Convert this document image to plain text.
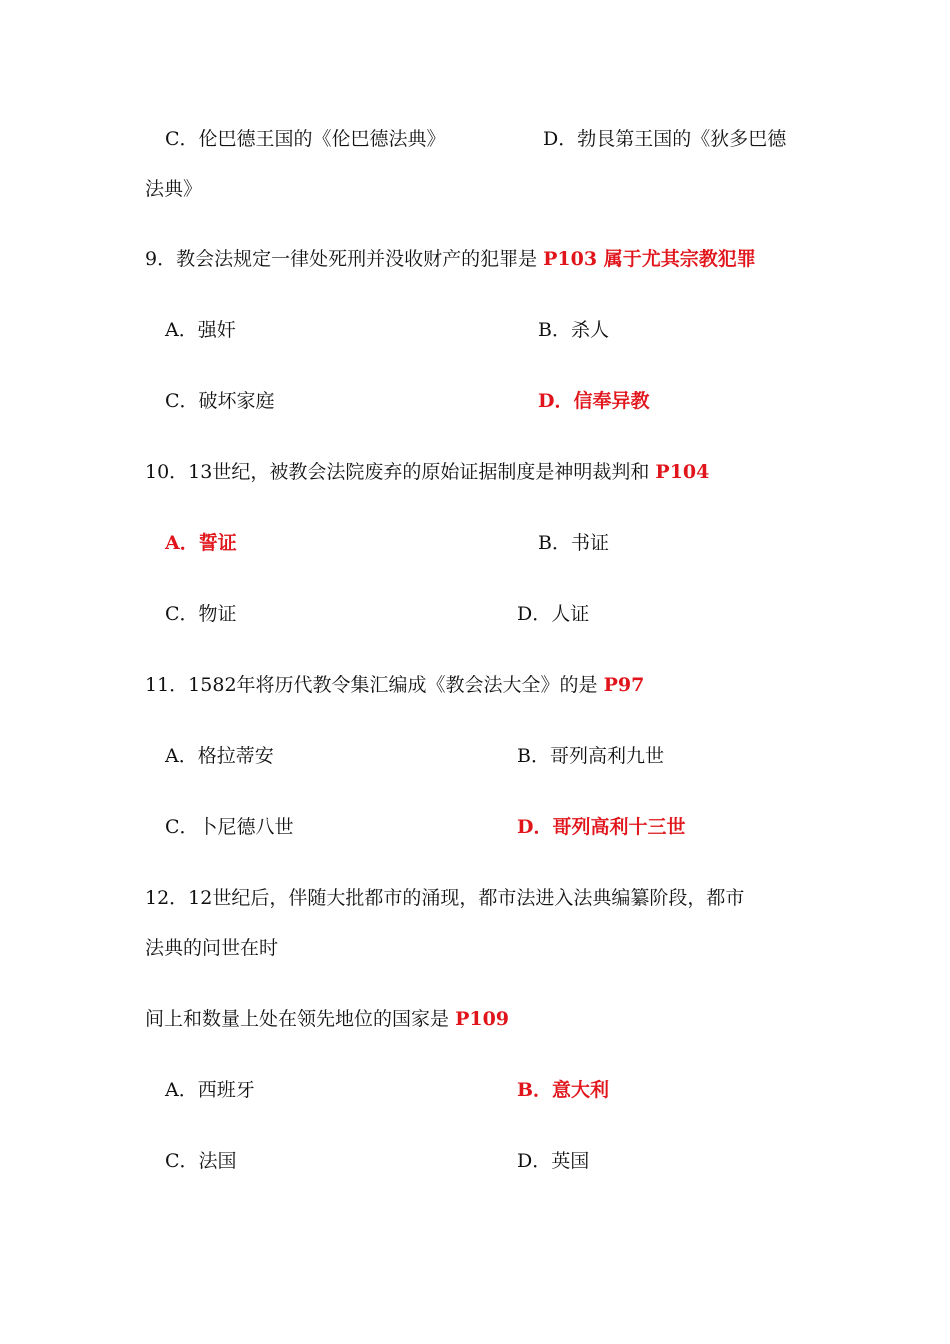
C．伦巴德王国的《伦巴德法典》	D．勃艮第王国的《狄多巴德
法典》
9．教会法规定一律处死刑并没收财产的犯罪是 P103 属于尤其宗教犯罪
A．强奸	B．杀人
C．破坏家庭	D．信奉异教
10．13世纪，被教会法院废弃的原始证据制度是神明裁判和 P104
A．誓证	B．书证
C．物证	D．人证
11．1582年将历代教令集汇编成《教会法大全》的是 P97
A．格拉蒂安	B．哥列高利九世
C．卜尼德八世	D．哥列高利十三世
12．12世纪后，伴随大批都市的涌现，都市法进入法典编纂阶段，都市
法典的问世在时
间上和数量上处在领先地位的国家是 P109
A．西班牙	B．意大利
C．法国	D．英国
